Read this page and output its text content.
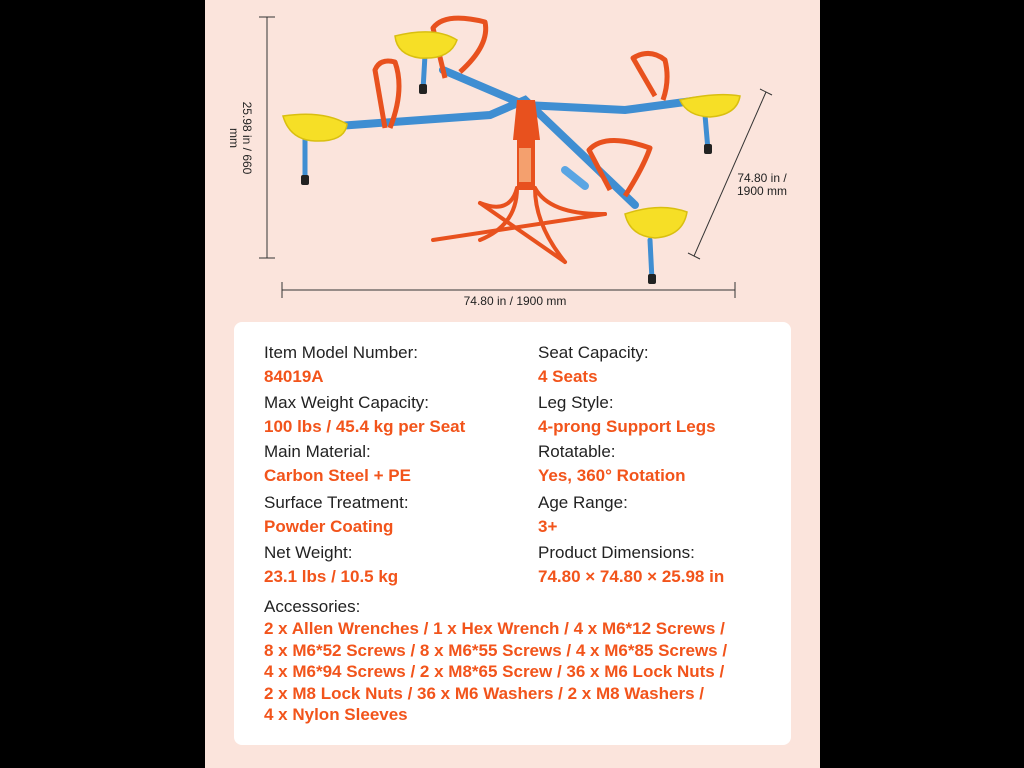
25.98 in / 660 mm
74.80 in /
1900 mm
74.80 in / 1900 mm
Item Model Number:
84019A
Seat Capacity:
4 Seats
Max Weight Capacity:
100 lbs / 45.4 kg per Seat
Leg Style:
4-prong Support Legs
Main Material:
Carbon Steel + PE
Rotatable:
Yes, 360° Rotation
Surface Treatment:
Powder Coating
Age Range:
3+
Net Weight:
23.1 lbs / 10.5 kg
Product Dimensions:
74.80 × 74.80 × 25.98 in
Accessories:
2 x Allen Wrenches / 1 x Hex Wrench / 4 x M6*12 Screws /
8 x M6*52 Screws / 8 x M6*55 Screws / 4 x M6*85 Screws /
4 x M6*94 Screws / 2 x M8*65 Screw / 36 x M6 Lock Nuts /
2 x M8 Lock Nuts / 36 x M6 Washers / 2 x M8 Washers /
4 x Nylon Sleeves
